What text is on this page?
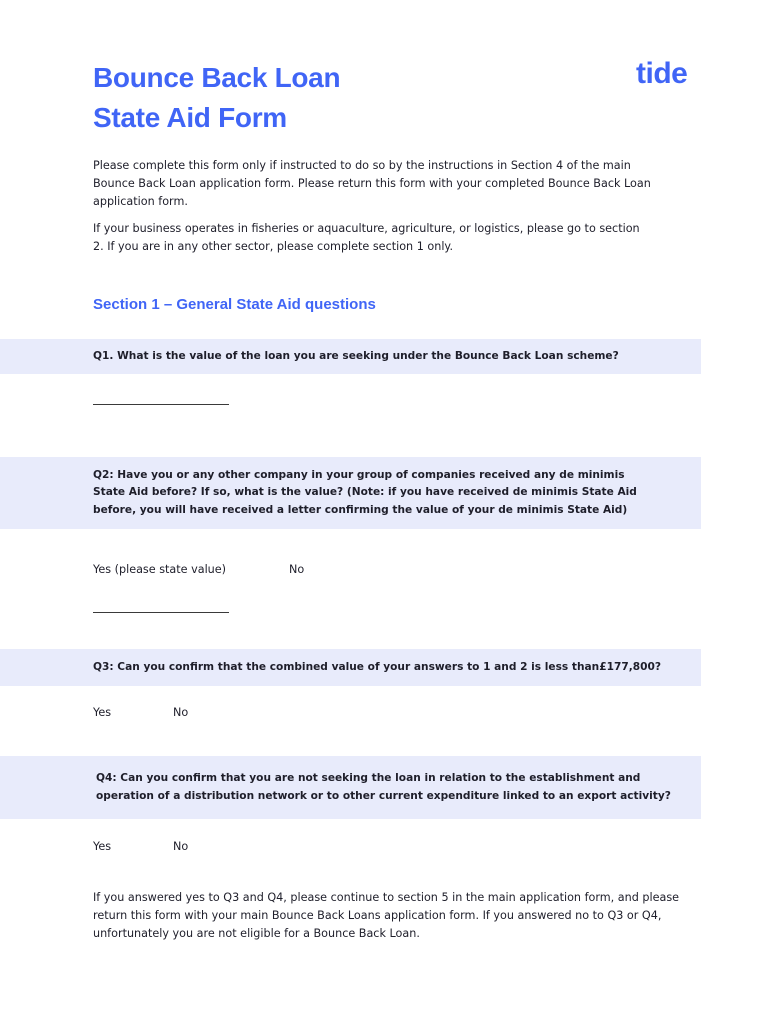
Bounce Back Loan
State Aid Form
tide

Please complete this form only if instructed to do so by the instructions in Section 4 of the main Bounce Back Loan application form. Please return this form with your completed Bounce Back Loan application form.

If your business operates in fisheries or aquaculture, agriculture, or logistics, please go to section 2. If you are in any other sector, please complete section 1 only.

Section 1 – General State Aid questions

Q1. What is the value of the loan you are seeking under the Bounce Back Loan scheme?

Q2: Have you or any other company in your group of companies received any de minimis State Aid before? If so, what is the value? (Note: if you have received de minimis State Aid before, you will have received a letter confirming the value of your de minimis State Aid)

Yes (please state value)	No

Q3: Can you confirm that the combined value of your answers to 1 and 2 is less than£177,800?

Yes	No

Q4: Can you confirm that you are not seeking the loan in relation to the establishment and operation of a distribution network or to other current expenditure linked to an export activity?

Yes	No

If you answered yes to Q3 and Q4, please continue to section 5 in the main application form, and please return this form with your main Bounce Back Loans application form. If you answered no to Q3 or Q4, unfortunately you are not eligible for a Bounce Back Loan.
